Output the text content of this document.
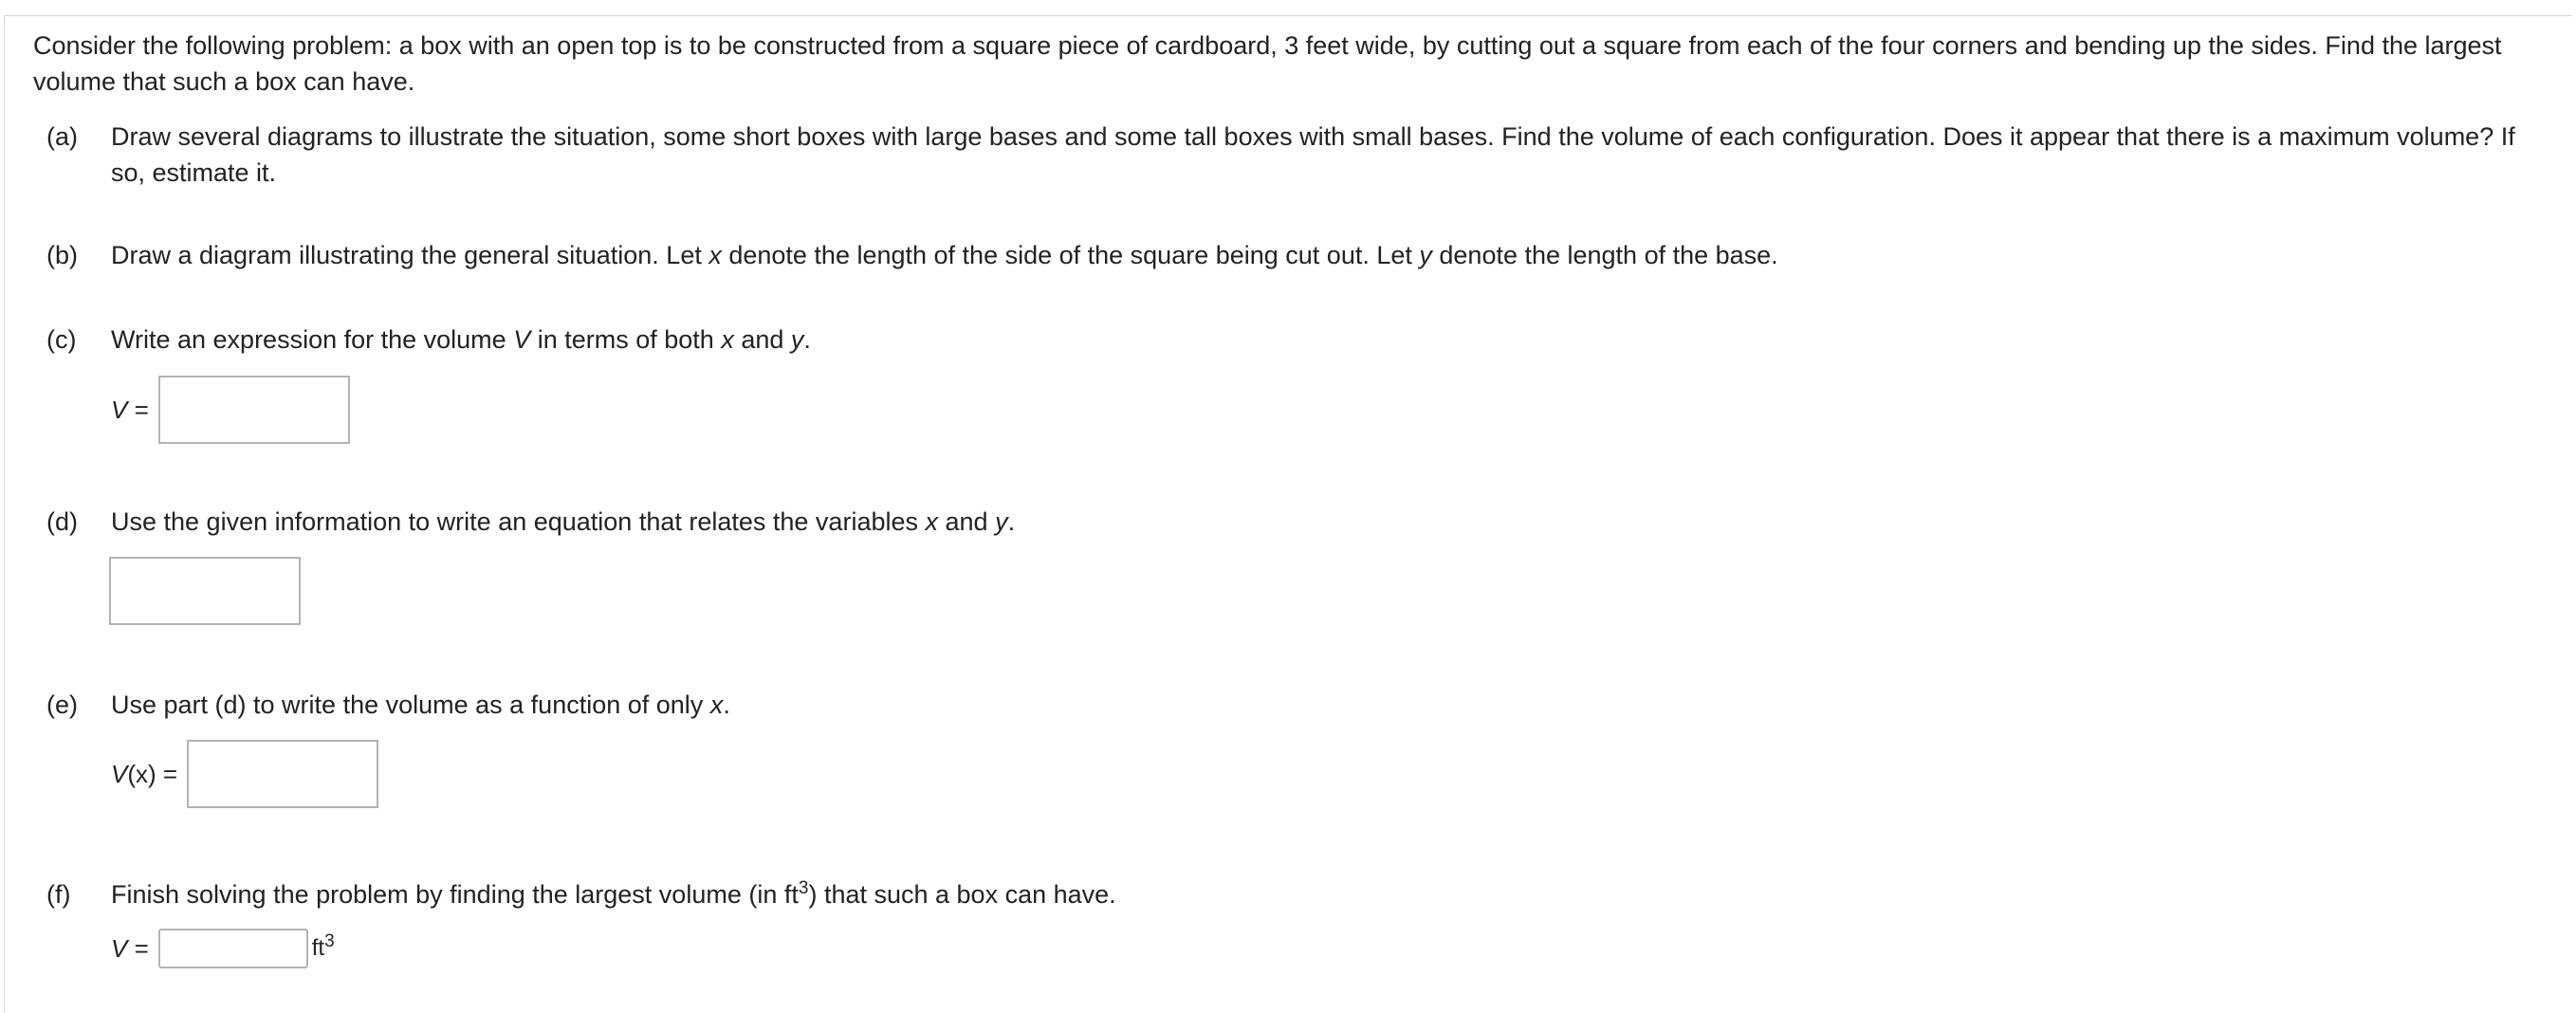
Consider the following problem: a box with an open top is to be constructed from a square piece of cardboard, 3 feet wide, by cutting out a square from each of the four corners and bending up the sides. Find the largest volume that such a box can have.
(a) Draw several diagrams to illustrate the situation, some short boxes with large bases and some tall boxes with small bases. Find the volume of each configuration. Does it appear that there is a maximum volume? If so, estimate it.
(b) Draw a diagram illustrating the general situation. Let x denote the length of the side of the square being cut out. Let y denote the length of the base.
(c) Write an expression for the volume V in terms of both x and y.
V =
(d) Use the given information to write an equation that relates the variables x and y.
(e) Use part (d) to write the volume as a function of only x.
V(x) =
(f) Finish solving the problem by finding the largest volume (in $ft^3$) that such a box can have.
V =	$ft^3$
